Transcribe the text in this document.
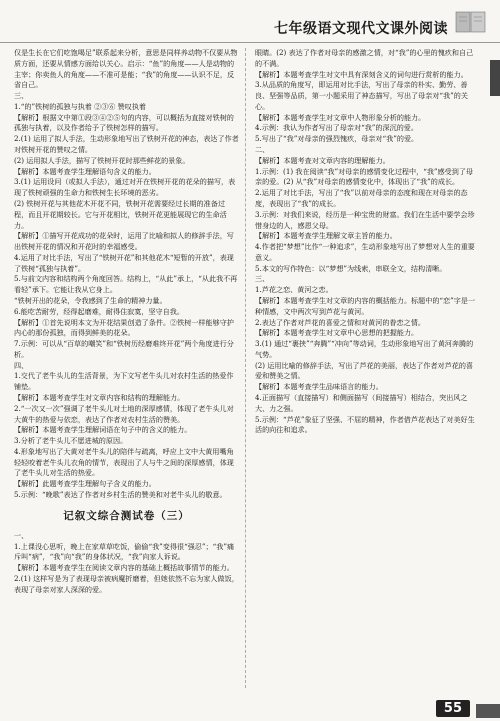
七年级语文现代文课外阅读

仅是生长在它们吃饱喝足”联系起来分析，意思是同样养动物不仅要从物质方面，还要从情感方面给以关心。启示：“鱼”的角度——人是动物的主宰；你卖鱼人的角度——不准可是能；“我”的角度——认识不足，反省自己。

三、

1.“的”铁树的孤独与执着 ②③⑥ 赞叹执着

【解析】根据文中第①段③④②⑤句的内容，可以概括为直接对铁树的孤独与执着，以及作者给予了铁树怎样的描写。

2.(1) 运用了拟人手法，生动形象地写出了铁树开花的神态，表达了作者对铁树开花的赞叹之情。

(2) 运用拟人手法，描写了铁树开花时那些鲜花的景象。

【解析】本题考查学生理解语句含义的能力。

3.(1) 运用设问（或拟人手法），通过对开在铁树开花的花朵的描写，表现了铁树顽强的生命力和铁树生长环境的恶劣。

(2) 铁树开花与其他花木开花不同，铁树开花需要经过长期的准备过程，而且开花期较长。它与开花相比，铁树开花更能展现它的生命活力。

【解析】①描写开花成功的花朵时，运用了比喻和拟人的修辞手法，写出铁树开花的情况和开花时的幸福感受。

4.运用了对比手法，写出了“铁树开花”和其他花木“短暂的开放”，表现了铁树“孤独与执着”。

5.与前文内容和结构两个角度回答。结构上，“从此”承上，“从此我不再看轻”承下。它能让我从它身上。

“铁树开出的花朵，令我感到了生命的精神力量。

6.能吃苦耐劳，经得起磨难，耐得住寂寞，坚守自我。

【解析】①首先说明本文为开花结果创造了条件。②铁树一样能够守护内心的那份孤独，而得到鲜美的花朵。

7.示例：可以从“百草的嘲笑”和“铁树历经磨难终开花”两个角度进行分析。

四、

1.交代了老牛头儿的生活背景，为下文写老牛头儿对农村生活的热爱作铺垫。

【解析】本题考查学生对文章内容和结构的理解能力。

2.“一次又一次”强调了老牛头儿对土地的深厚感情，体现了老牛头儿对大黄牛的热爱与依恋，表达了作者对农村生活的赞美。

【解析】本题考查学生理解词语在句子中的含义的能力。

3.分析了老牛头儿不愿进城的原因。

4.形象地写出了大黄对老牛头儿的陪伴与疏离，呼应上文中大黄用嘴角轻轻咬着老牛头儿衣角的情节，表现出了人与牛之间的深厚感情，体现了老牛头儿对生活的热爱。

【解析】此题考查学生理解句子含义的能力。

5.示例：“晚歌”表达了作者对乡村生活的赞美和对老牛头儿的敬意。

记叙文综合测试卷（三）

一、

1.上课没心思听，晚上在家草草吃饭，偷偷“我”变得很“强忍”；“我”痛斥叫“病”，“我”向“我”的身体状况，“我”向家人诉说。

【解析】本题考查学生在阅读文章内容的基础上概括故事情节的能力。

2.(1) 这样写是为了表现母亲被病魔折磨着，但她依然不忘为家人做饭，表现了母亲对家人深深的爱。

眼睛。(2) 表达了作者对母亲的感激之情，对“我”的心里的愧疚和自己的不满。

【解析】本题考查学生对文中具有深刻含义的词句进行赏析的能力。

3.从品质的角度写，即运用对比手法，写出了母亲的朴实、勤劳、善良、坚强等品质，第一小题采用了神态描写，写出了母亲对“我”的关心。

【解析】本题考查学生对文章中人物形象分析的能力。

4.示例：我认为作者写出了母亲对“我”的深沉的爱。

5.写出了“我”对母亲的强烈愧疚，母亲对“我”的爱。

二、

【解析】本题考查对文章内容的理解能力。

1.示例：(1) 我在阅读“我”对母亲的感情变化过程中，“我”感受到了母亲的爱。(2) 从“我”对母亲的感情变化中，体现出了“我”的成长。

2.运用了对比手法，写出了“我”以前对母亲的态度和现在对母亲的态度，表现出了“我”的成长。

3.示例：对我们来说，经历是一种宝贵的财富。我们在生活中要学会珍惜身边的人，感恩父母。

【解析】本题考查学生理解文章主旨的能力。

4.作者把“梦想”比作“一种追求”，生动形象地写出了梦想对人生的重要意义。

5.本文的写作特色：以“梦想”为线索，串联全文，结构清晰。

三、

1.芦花之恋、黄河之恋。

【解析】本题考查学生对文章的内容的概括能力。标题中的“恋”字是一种情感，文中两次写到芦花与黄河。

2.表达了作者对芦花的喜爱之情和对黄河的眷恋之情。

【解析】本题考查学生对文章中心思想的把握能力。

3.(1) 通过“裹挟”“奔腾”“冲向”等动词，生动形象地写出了黄河奔腾的气势。

(2) 运用比喻的修辞手法，写出了芦花的美丽，表达了作者对芦花的喜爱和赞美之情。

【解析】本题考查学生品味语言的能力。

4.正面描写（直接描写）和侧面描写（间接描写）相结合，突出风之大、力之强。

5.示例：“芦花”象征了坚强、不屈的精神，作者借芦花表达了对美好生活的向往和追求。

55
